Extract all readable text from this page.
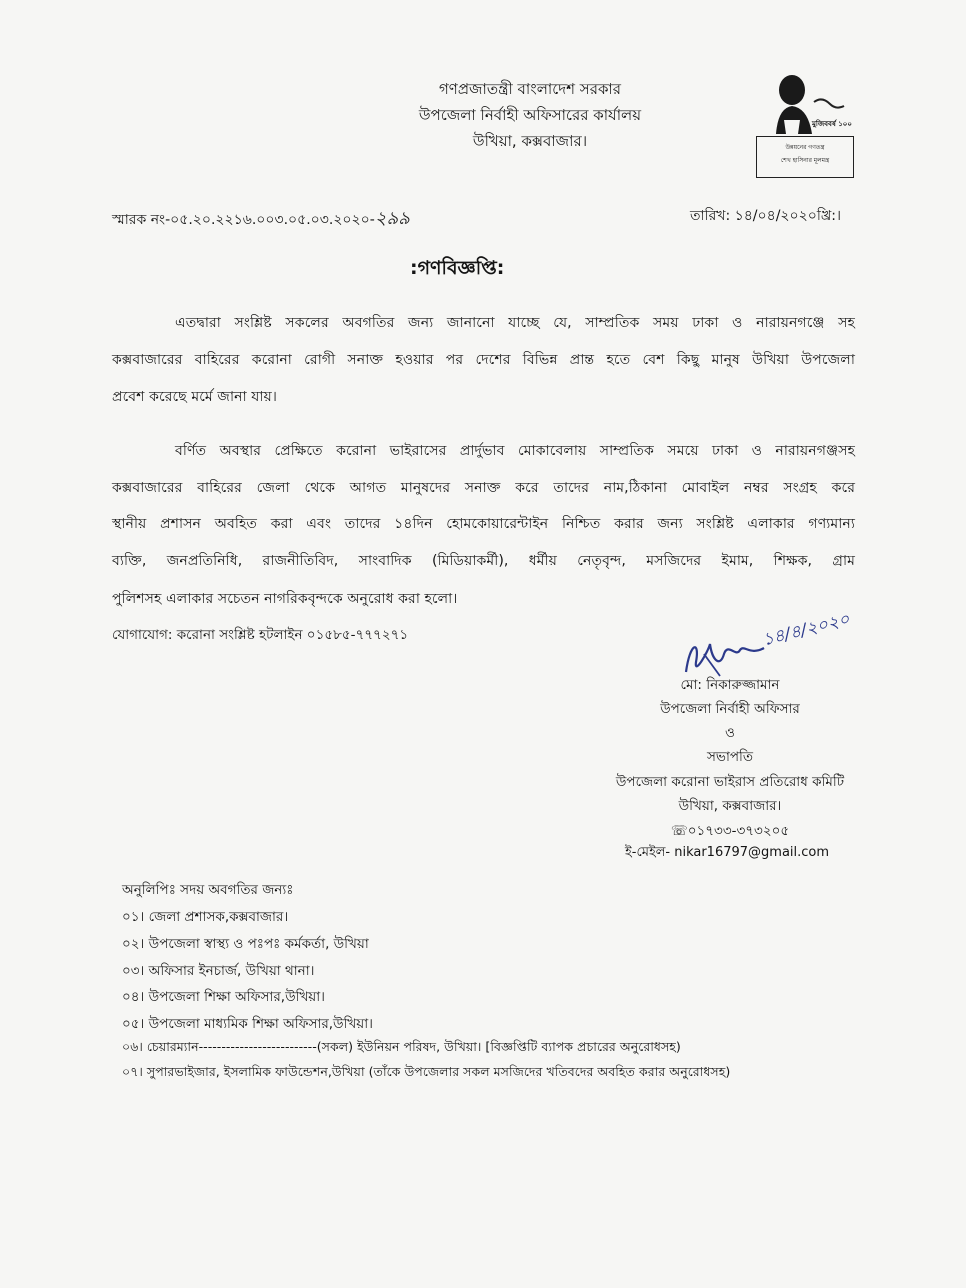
গণপ্রজাতন্ত্রী বাংলাদেশ সরকার
উপজেলা নির্বাহী অফিসারের কার্যালয়
উখিয়া, কক্সবাজার।
মুজিববর্ষ ১০০
উন্নয়নের গণতন্ত্র
শেখ হাসিনার মূলমন্ত্র
স্মারক নং-০৫.২০.২২১৬.০০৩.০৫.০৩.২০২০-২৯৯	তারিখ: ১৪/০৪/২০২০খ্রি:।
:গণবিজ্ঞপ্তি:
এতদ্বারা সংশ্লিষ্ট সকলের অবগতির জন্য জানানো যাচ্ছে যে, সাম্প্রতিক সময় ঢাকা ও নারায়নগঞ্জে সহ
কক্সবাজারের বাহিরের করোনা রোগী সনাক্ত হওয়ার পর দেশের বিভিন্ন প্রান্ত হতে বেশ কিছু মানুষ উখিয়া উপজেলা
প্রবেশ করেছে মর্মে জানা যায়।
বর্ণিত অবস্থার প্রেক্ষিতে করোনা ভাইরাসের প্রার্দুভাব মোকাবেলায় সাম্প্রতিক সময়ে ঢাকা ও নারায়নগঞ্জসহ
কক্সবাজারের বাহিরের জেলা থেকে আগত মানুষদের সনাক্ত করে তাদের নাম,ঠিকানা মোবাইল নম্বর সংগ্রহ করে
স্থানীয় প্রশাসন অবহিত করা এবং তাদের ১৪দিন হোমকোয়ারেন্টাইন নিশ্চিত করার জন্য সংশ্লিষ্ট এলাকার গণ্যমান্য
ব্যক্তি, জনপ্রতিনিধি, রাজনীতিবিদ, সাংবাদিক (মিডিয়াকর্মী), ধর্মীয় নেতৃবৃন্দ, মসজিদের ইমাম, শিক্ষক, গ্রাম
পুলিশসহ এলাকার সচেতন নাগরিকবৃন্দকে অনুরোধ করা হলো।
যোগাযোগ: করোনা সংশ্লিষ্ট হটলাইন ০১৫৮৫-৭৭৭২৭১	১৪/৪/২০২০
মো: নিকারুজ্জামান
উপজেলা নির্বাহী অফিসার
ও
সভাপতি
উপজেলা করোনা ভাইরাস প্রতিরোধ কমিটি
উখিয়া, কক্সবাজার।
☏০১৭৩৩-৩৭৩২০৫
ই-মেইল- nikar16797@gmail.com
অনুলিপিঃ সদয় অবগতির জন্যঃ
০১। জেলা প্রশাসক,কক্সবাজার।
০২। উপজেলা স্বাস্থ্য ও পঃপঃ কর্মকর্তা, উখিয়া
০৩। অফিসার ইনচার্জ, উখিয়া থানা।
০৪। উপজেলা শিক্ষা অফিসার,উখিয়া।
০৫। উপজেলা মাধ্যমিক শিক্ষা অফিসার,উখিয়া।
০৬। চেয়ারম্যান--------------------------(সকল) ইউনিয়ন পরিষদ, উখিয়া। [বিজ্ঞপ্তিটি ব্যাপক প্রচারের অনুরোধসহ)
০৭। সুপারভাইজার, ইসলামিক ফাউন্ডেশন,উখিয়া (তাঁকে উপজেলার সকল মসজিদের খতিবদের অবহিত করার অনুরোধসহ)
